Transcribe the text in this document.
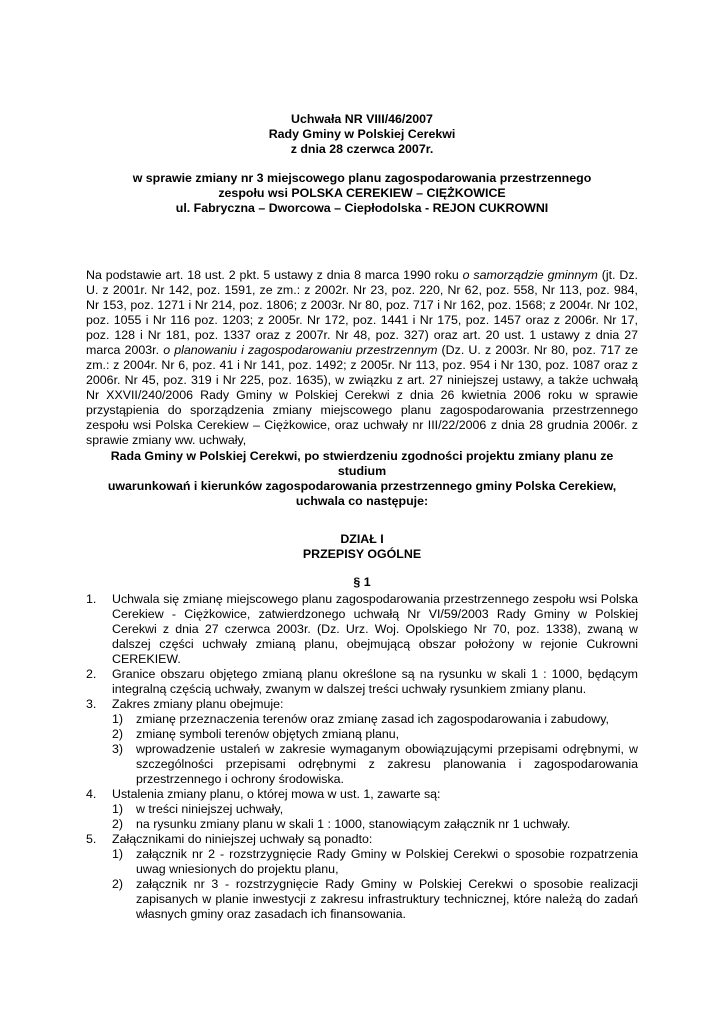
Uchwała NR VIII/46/2007
Rady Gminy w Polskiej Cerekwi
z dnia 28 czerwca 2007r.
w sprawie zmiany nr 3 miejscowego planu zagospodarowania przestrzennego
zespołu wsi POLSKA CEREKIEW – CIĘŻKOWICE
ul. Fabryczna – Dworcowa – Ciepłodolska - REJON CUKROWNI
Na podstawie art. 18 ust. 2 pkt. 5 ustawy z dnia 8 marca 1990 roku o samorządzie gminnym (jt. Dz. U. z 2001r. Nr 142, poz. 1591, ze zm.: z 2002r. Nr 23, poz. 220, Nr 62, poz. 558, Nr 113, poz. 984, Nr 153, poz. 1271 i Nr 214, poz. 1806; z 2003r. Nr 80, poz. 717 i Nr 162, poz. 1568; z 2004r. Nr 102, poz. 1055 i Nr 116 poz. 1203; z 2005r. Nr 172, poz. 1441 i Nr 175, poz. 1457 oraz z 2006r. Nr 17, poz. 128 i Nr 181, poz. 1337 oraz z 2007r. Nr 48, poz. 327) oraz art. 20 ust. 1 ustawy z dnia 27 marca 2003r. o planowaniu i zagospodarowaniu przestrzennym (Dz. U. z 2003r. Nr 80, poz. 717 ze zm.: z 2004r. Nr 6, poz. 41 i Nr 141, poz. 1492; z 2005r. Nr 113, poz. 954 i Nr 130, poz. 1087 oraz z 2006r. Nr 45, poz. 319 i Nr 225, poz. 1635), w związku z art. 27 niniejszej ustawy, a także uchwałą Nr XXVII/240/2006 Rady Gminy w Polskiej Cerekwi z dnia 26 kwietnia 2006 roku w sprawie przystąpienia do sporządzenia zmiany miejscowego planu zagospodarowania przestrzennego zespołu wsi Polska Cerekiew – Ciężkowice, oraz uchwały nr III/22/2006 z dnia 28 grudnia 2006r. z sprawie zmiany ww. uchwały,
Rada Gminy w Polskiej Cerekwi, po stwierdzeniu zgodności projektu zmiany planu ze studium
uwarunkowań i kierunków zagospodarowania przestrzennego gminy Polska Cerekiew,
uchwala co następuje:
DZIAŁ I
PRZEPISY OGÓLNE
§ 1
1. Uchwala się zmianę miejscowego planu zagospodarowania przestrzennego zespołu wsi Polska Cerekiew - Ciężkowice, zatwierdzonego uchwałą Nr VI/59/2003 Rady Gminy w Polskiej Cerekwi z dnia 27 czerwca 2003r. (Dz. Urz. Woj. Opolskiego Nr 70, poz. 1338), zwaną w dalszej części uchwały zmianą planu, obejmującą obszar położony w rejonie Cukrowni CEREKIEW.
2. Granice obszaru objętego zmianą planu określone są na rysunku w skali 1 : 1000, będącym integralną częścią uchwały, zwanym w dalszej treści uchwały rysunkiem zmiany planu.
3. Zakres zmiany planu obejmuje:
1) zmianę przeznaczenia terenów oraz zmianę zasad ich zagospodarowania i zabudowy,
2) zmianę symboli terenów objętych zmianą planu,
3) wprowadzenie ustaleń w zakresie wymaganym obowiązującymi przepisami odrębnymi, w szczególności przepisami odrębnymi z zakresu planowania i zagospodarowania przestrzennego i ochrony środowiska.
4. Ustalenia zmiany planu, o której mowa w ust. 1, zawarte są:
1) w treści niniejszej uchwały,
2) na rysunku zmiany planu w skali 1 : 1000, stanowiącym załącznik nr 1 uchwały.
5. Załącznikami do niniejszej uchwały są ponadto:
1) załącznik nr 2 - rozstrzygnięcie Rady Gminy w Polskiej Cerekwi o sposobie rozpatrzenia uwag wniesionych do projektu planu,
2) załącznik nr 3 - rozstrzygnięcie Rady Gminy w Polskiej Cerekwi o sposobie realizacji zapisanych w planie inwestycji z zakresu infrastruktury technicznej, które należą do zadań własnych gminy oraz zasadach ich finansowania.
